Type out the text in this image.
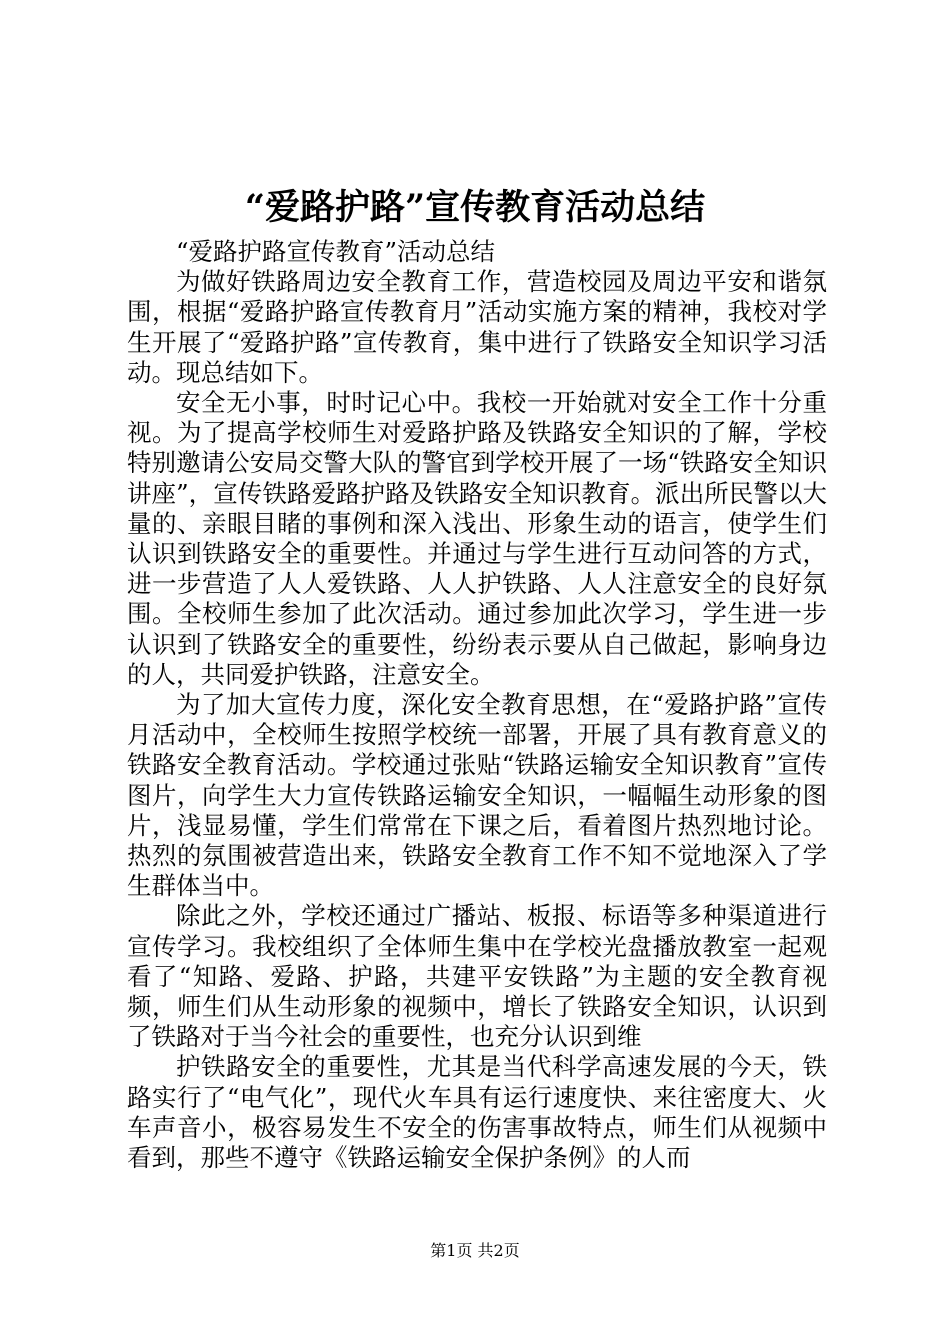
“爱路护路”宣传教育活动总结

“爱路护路宣传教育”活动总结

为做好铁路周边安全教育工作，营造校园及周边平安和谐氛围，根据“爱路护路宣传教育月”活动实施方案的精神，我校对学生开展了“爱路护路”宣传教育，集中进行了铁路安全知识学习活动。现总结如下。

安全无小事，时时记心中。我校一开始就对安全工作十分重视。为了提高学校师生对爱路护路及铁路安全知识的了解，学校特别邀请公安局交警大队的警官到学校开展了一场“铁路安全知识讲座”，宣传铁路爱路护路及铁路安全知识教育。派出所民警以大量的、亲眼目睹的事例和深入浅出、形象生动的语言，使学生们认识到铁路安全的重要性。并通过与学生进行互动问答的方式，进一步营造了人人爱铁路、人人护铁路、人人注意安全的良好氛围。全校师生参加了此次活动。通过参加此次学习，学生进一步认识到了铁路安全的重要性，纷纷表示要从自己做起，影响身边的人，共同爱护铁路，注意安全。

为了加大宣传力度，深化安全教育思想，在“爱路护路”宣传月活动中，全校师生按照学校统一部署，开展了具有教育意义的铁路安全教育活动。学校通过张贴“铁路运输安全知识教育”宣传图片，向学生大力宣传铁路运输安全知识，一幅幅生动形象的图片，浅显易懂，学生们常常在下课之后，看着图片热烈地讨论。热烈的氛围被营造出来，铁路安全教育工作不知不觉地深入了学生群体当中。

除此之外，学校还通过广播站、板报、标语等多种渠道进行宣传学习。我校组织了全体师生集中在学校光盘播放教室一起观看了“知路、爱路、护路，共建平安铁路”为主题的安全教育视频，师生们从生动形象的视频中，增长了铁路安全知识，认识到了铁路对于当今社会的重要性，也充分认识到维

护铁路安全的重要性，尤其是当代科学高速发展的今天，铁路实行了“电气化”，现代火车具有运行速度快、来往密度大、火车声音小，极容易发生不安全的伤害事故特点，师生们从视频中看到，那些不遵守《铁路运输安全保护条例》的人而

第1页 共2页
